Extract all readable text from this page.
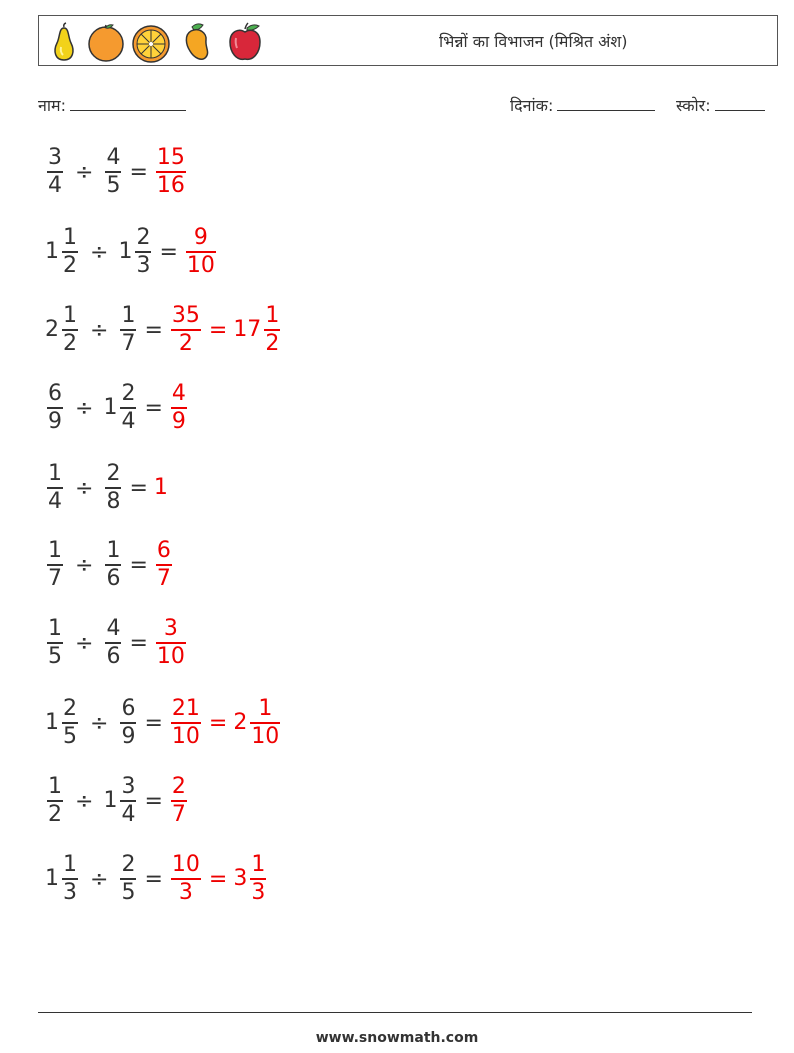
भिन्नों का विभाजन (मिश्रित अंश)
नाम:	दिनांक:	स्कोर:
$\frac{3}{4} \div \frac{4}{5} = \frac{15}{16}$
$1 \frac{1}{2} \div 1 \frac{2}{3} = \frac{9}{10}$
$2 \frac{1}{2} \div \frac{1}{7} = \frac{35}{2} = 17 \frac{1}{2}$
$\frac{6}{9} \div 1 \frac{2}{4} = \frac{4}{9}$
$\frac{1}{4} \div \frac{2}{8} = 1$
$\frac{1}{7} \div \frac{1}{6} = \frac{6}{7}$
$\frac{1}{5} \div \frac{4}{6} = \frac{3}{10}$
$1 \frac{2}{5} \div \frac{6}{9} = \frac{21}{10} = 2 \frac{1}{10}$
$\frac{1}{2} \div 1 \frac{3}{4} = \frac{2}{7}$
$1 \frac{1}{3} \div \frac{2}{5} = \frac{10}{3} = 3 \frac{1}{3}$
www.snowmath.com
